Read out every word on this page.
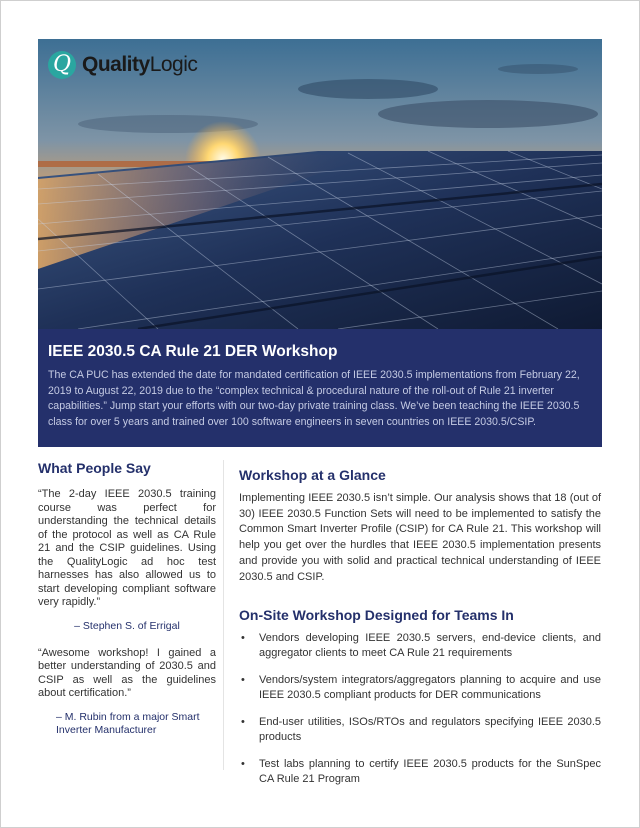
Q QualityLogic
IEEE 2030.5 CA Rule 21 DER Workshop

The CA PUC has extended the date for mandated certification of IEEE 2030.5 implementations from February 22, 2019 to August 22, 2019 due to the “complex technical & procedural nature of the roll-out of Rule 21 inverter capabilities.” Jump start your efforts with our two-day private training class. We’ve been teaching the IEEE 2030.5 class for over 5 years and trained over 100 software engineers in seven countries on IEEE 2030.5/CSIP.

What People Say

“The 2-day IEEE 2030.5 training course was perfect for understanding the technical details of the protocol as well as CA Rule 21 and the CSIP guidelines. Using the QualityLogic ad hoc test harnesses has also allowed us to start developing compliant software very rapidly.”

– Stephen S. of Errigal

“Awesome workshop! I gained a better understanding of 2030.5 and CSIP as well as the guidelines about certification.”

– M. Rubin from a major Smart Inverter Manufacturer

Workshop at a Glance

Implementing IEEE 2030.5 isn’t simple. Our analysis shows that 18 (out of 30) IEEE 2030.5 Function Sets will need to be implemented to satisfy the Common Smart Inverter Profile (CSIP) for CA Rule 21. This workshop will help you get over the hurdles that IEEE 2030.5 implementation presents and provide you with solid and practical technical understanding of IEEE 2030.5 and CSIP.

On-Site Workshop Designed for Teams In
• Vendors developing IEEE 2030.5 servers, end-device clients, and aggregator clients to meet CA Rule 21 requirements
• Vendors/system integrators/aggregators planning to acquire and use IEEE 2030.5 compliant products for DER communications
• End-user utilities, ISOs/RTOs and regulators specifying IEEE 2030.5 products
• Test labs planning to certify IEEE 2030.5 products for the SunSpec CA Rule 21 Program
